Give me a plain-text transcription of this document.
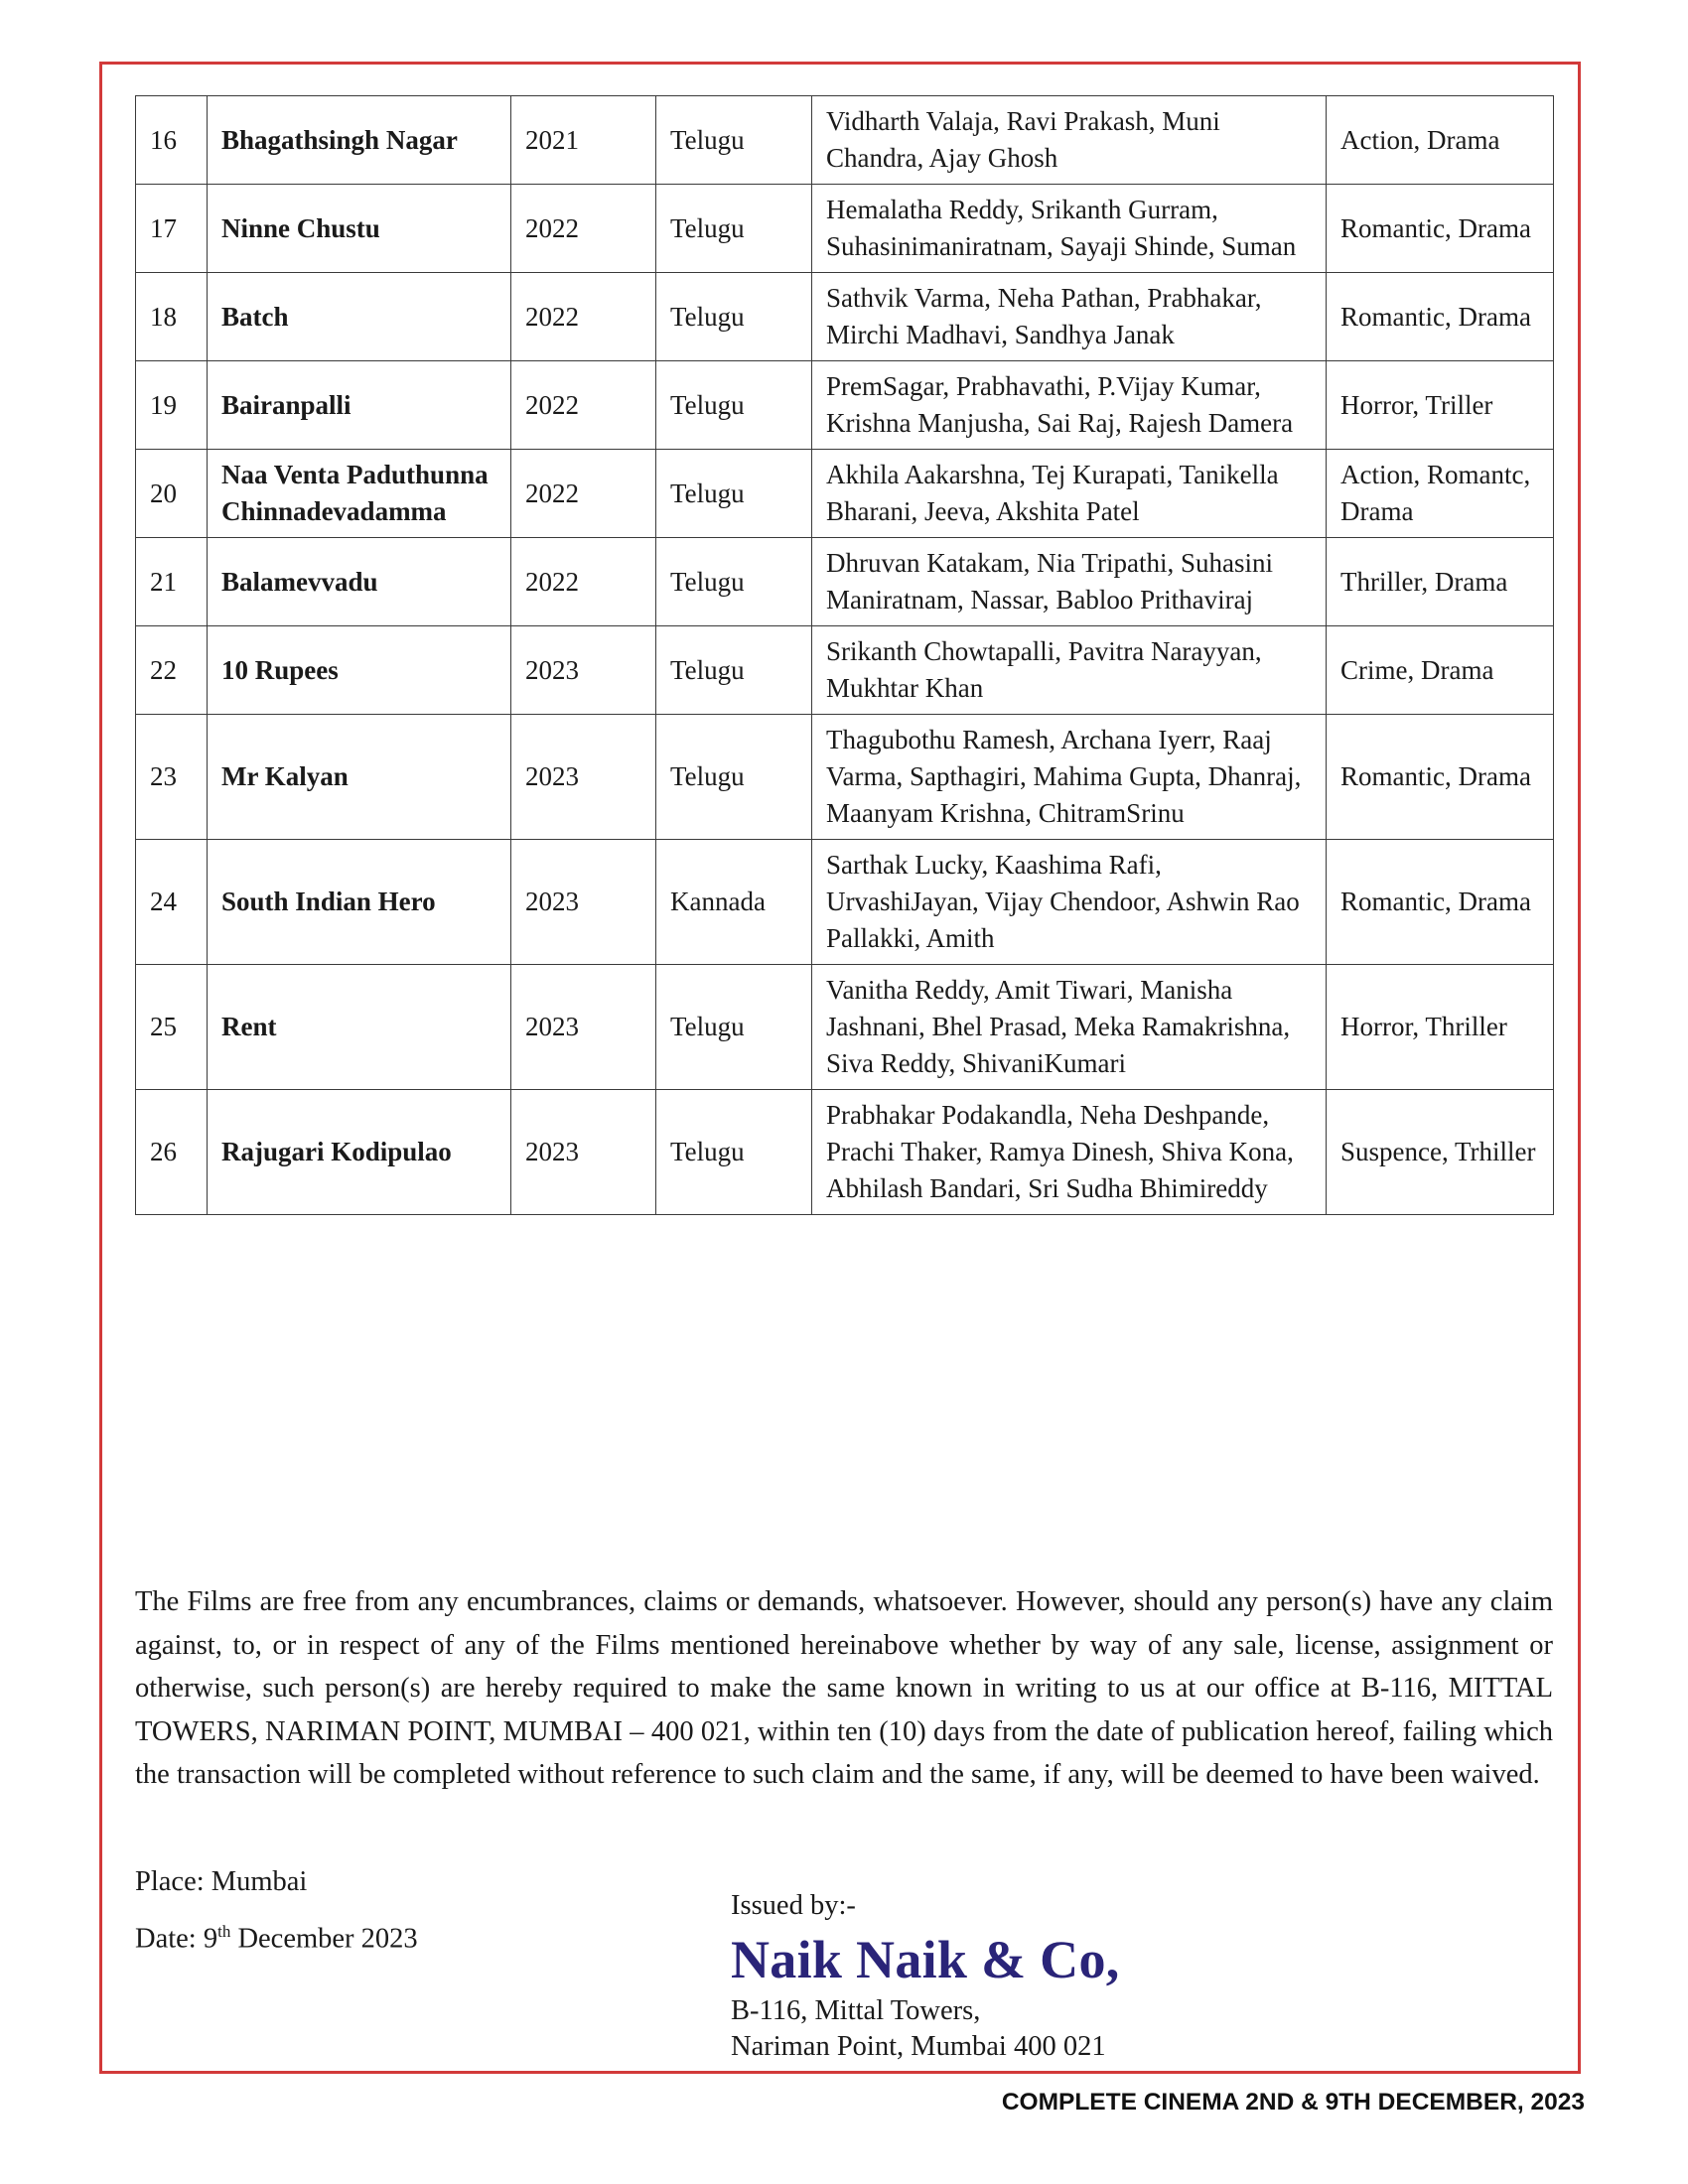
16	Bhagathsingh Nagar	2021	Telugu	Vidharth Valaja, Ravi Prakash, Muni Chandra, Ajay Ghosh	Action, Drama
17	Ninne Chustu	2022	Telugu	Hemalatha Reddy, Srikanth Gurram, Suhasinimaniratnam, Sayaji Shinde, Suman	Romantic, Drama
18	Batch	2022	Telugu	Sathvik Varma, Neha Pathan, Prabhakar, Mirchi Madhavi, Sandhya Janak	Romantic, Drama
19	Bairanpalli	2022	Telugu	PremSagar, Prabhavathi, P.Vijay Kumar, Krishna Manjusha, Sai Raj, Rajesh Damera	Horror, Triller
20	Naa Venta Paduthunna Chinnadevadamma	2022	Telugu	Akhila Aakarshna, Tej Kurapati, Tanikella Bharani, Jeeva, Akshita Patel	Action, Romantc, Drama
21	Balamevvadu	2022	Telugu	Dhruvan Katakam, Nia Tripathi, Suhasini Maniratnam, Nassar, Babloo Prithaviraj	Thriller, Drama
22	10 Rupees	2023	Telugu	Srikanth Chowtapalli, Pavitra Narayyan, Mukhtar Khan	Crime, Drama
23	Mr Kalyan	2023	Telugu	Thagubothu Ramesh, Archana Iyerr, Raaj Varma, Sapthagiri, Mahima Gupta, Dhanraj, Maanyam Krishna, ChitramSrinu	Romantic, Drama
24	South Indian Hero	2023	Kannada	Sarthak Lucky, Kaashima Rafi, UrvashiJayan, Vijay Chendoor, Ashwin Rao Pallakki, Amith	Romantic, Drama
25	Rent	2023	Telugu	Vanitha Reddy, Amit Tiwari, Manisha Jashnani, Bhel Prasad, Meka Ramakrishna, Siva Reddy, ShivaniKumari	Horror, Thriller
26	Rajugari Kodipulao	2023	Telugu	Prabhakar Podakandla, Neha Deshpande, Prachi Thaker, Ramya Dinesh, Shiva Kona, Abhilash Bandari, Sri Sudha Bhimireddy	Suspence, Trhiller

The Films are free from any encumbrances, claims or demands, whatsoever. However, should any person(s) have any claim against, to, or in respect of any of the Films mentioned hereinabove whether by way of any sale, license, assignment or otherwise, such person(s) are hereby required to make the same known in writing to us at our office at B-116, MITTAL TOWERS, NARIMAN POINT, MUMBAI – 400 021, within ten (10) days from the date of publication hereof, failing which the transaction will be completed without reference to such claim and the same, if any, will be deemed to have been waived.

Place: Mumbai
Date: 9th December 2023
Issued by:-
Naik Naik & Co,
B-116, Mittal Towers,
Nariman Point, Mumbai 400 021
COMPLETE CINEMA 2ND & 9TH DECEMBER, 2023
